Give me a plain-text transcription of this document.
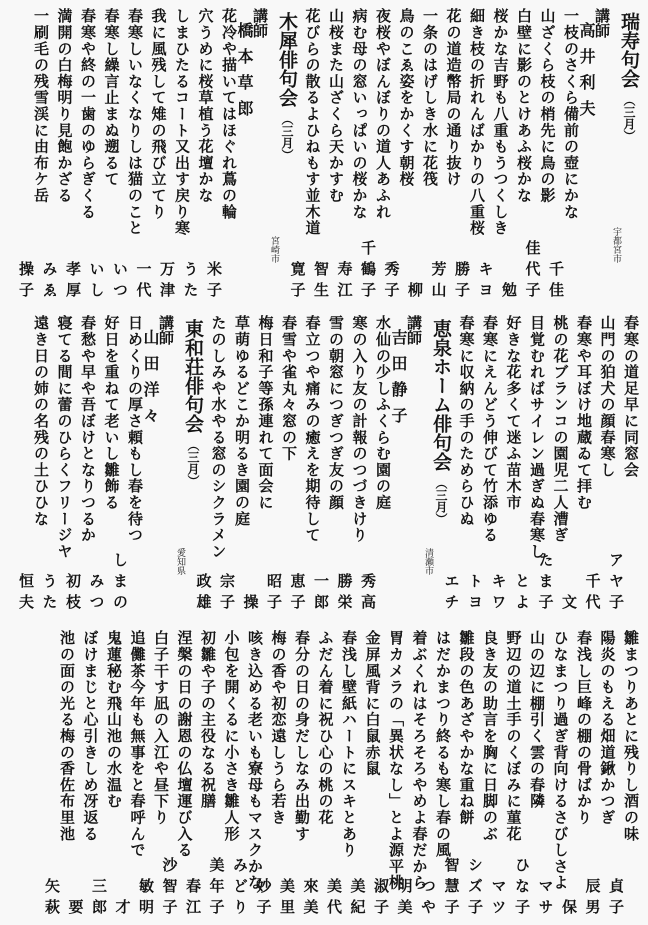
瑞寿句会（三月）
講師
高井利夫
宇都宮市
一枝のさくら備前の壺にかな
千佳
山ざくら枝の梢先に鳥の影
佳代子
白壁に影のとけあふ桜かな
勉
桜かな吉野も八重もうつくしき
キヨ
細き枝の折れんばかりの八重桜
勝子
花の道造幣局の通り抜け
芳山
一条のはげしき水に花筏
柳
鳥のこゑ姿をかくす朝桜
秀子
夜桜やぼんぼりの道人あふれ
千鶴子
病む母の窓いっぱいの桜かな
寿江
山桜また山ざくら天かすむ
智生
花びらの散るよひねもす並木道
寛子
木犀俳句会（三月）
講師
橋本草郎
宮崎市
花冷や描いてはほぐれ蔦の輪
米子
穴うめに桜草植う花壇かな
うた
しまひたるコート又出す戻り寒
万津
我に風残して雉の飛び立てり
一代
春寒しいなくなりしは猫のこと
いつ
春寒し繰言止まぬ遡るて
いし
春寒や終の一歯のゆらぎくる
孝厚
満開の白梅明り見飽かざる
みゑ
一刷毛の残雪渓に由布ケ岳
操子
春寒の道足早に同窓会
アヤ子
山門の狛犬の顔春寒し
千代
春寒や耳ぼけ地蔵ゐて拝む
文
桃の花ブランコの園児二人漕ぎ
たま子
目覚むればサイレン過ぎぬ春寒し
とよ
好きな花多くて迷ふ苗木市
キワ
春寒にえんどう伸びて竹添ゆる
トヨ
春寒に収納の手のためらひぬ
エチ
恵泉ホーム俳句会（三月）
講師
吉田静子
清瀬市
水仙の少しふくらむ園の庭
秀高
寒の入り友の計報のつづきけり
勝栄
雪の朝窓につぎつぎ友の顔
一郎
春立つや痛みの癒えを期待して
恵子
春雪や雀丸々窓の下
昭子
梅日和子等孫連れて面会に
操
草萌ゆるどこか明るき園の庭
宗子
たのしみや水やる窓のシクラメン
政雄
東和荘俳句会（三月）
講師
山田洋々
愛知県
日めくりの厚さ頼もし春を待つ
しまの
好日を重ねて老いし雛飾る
みつ
春愁や早や吾ぼけとなりつるか
初枝
寝てる間に蕾のひらくフリージヤ
うた
遠き日の姉の名残の土ひひな
恒夫
雛まつりあとに残りし酒の味
貞子
陽炎のもえる畑道鍬かつぎ
辰男
春浅し巨峰の棚の骨ばかり
保
ひなまつり過ぎ背向けるさびしさよ
マサ
山の辺に棚引く雲の春隣
ひな子
野辺の道土手のくぼみに菫花
マツ
良き友の助言を胸に日脚のぶ
シズ子
雛段の色あざやかな重ね餅
智慧子
はだかまつり終るも寒し春の風
つや
着ぶくれはそろそろやめよ春だから
明美
胃カメラの「異状なし」とよ源平桃
淑子
金屏風背に白鼠赤鼠
美紀
春浅し壁紙ハートにスキとあり
美代
ふだん着に祝ひ心の桃の花
來美
春分の日の身だしなみ出勤す
美里
梅の香や初恋遠しうら若き
妙子
咳き込める老いも寮母もマスクかな
みどり
小包を開くるに小さき雛人形
美年子
初雛や子の主役なる祝膳
春江
涅槃の日の謝恩の仏壇運び入る
沙智子
白子干す凪の入江や昼下り
敏明
追儺茶今年も無事をと春呼んで
才
鬼蓮秘む飛山池の水温む
三郎
ぼけまじと心引きしめ冴返る
要
池の面の光る梅の香佐布里池
矢萩
